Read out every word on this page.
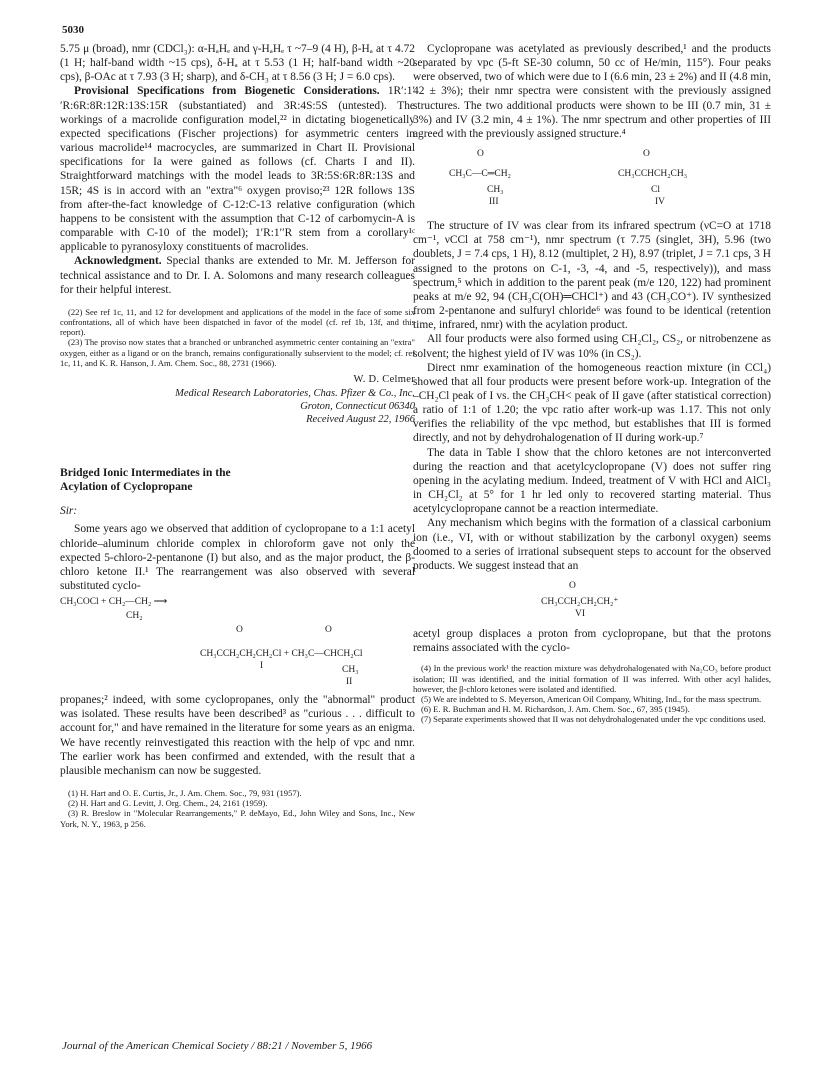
5030

5.75 μ (broad), nmr (CDCl₃): α-HₐHₑ and γ-HₐHₑ τ ~7–9 (4 H), β-Hₐ at τ 4.72 (1 H; half-band width ~15 cps), δ-Hₐ at τ 5.53 (1 H; half-band width ~20 cps), β-OAc at τ 7.93 (3 H; sharp), and δ-CH₃ at τ 8.56 (3 H; J = 6.0 cps).

Provisional Specifications from Biogenetic Considerations. 1R′:1′′R:6R:8R:12R:13S:15R (substantiated) and 3R:4S:5S (untested). The workings of a macrolide configuration model,²² in dictating biogenetically expected specifications (Fischer projections) for asymmetric centers in various macrolide¹⁴ macrocycles, are summarized in Chart II. Provisional specifications for Ia were gained as follows (cf. Charts I and II). Straightforward matchings with the model leads to 3R:5S:6R:8R:13S and 15R; 4S is in accord with an "extra"⁶ oxygen proviso;²³ 12R follows 13S from after-the-fact knowledge of C-12:C-13 relative configuration (which happens to be consistent with the assumption that C-12 of carbomycin-A is comparable with C-10 of the model); 1′R:1′′R stem from a corollary¹ᶜ applicable to pyranosyloxy constituents of macrolides.

Acknowledgment. Special thanks are extended to Mr. M. Jefferson for technical assistance and to Dr. I. A. Solomons and many research colleagues for their helpful interest.

(22) See ref 1c, 11, and 12 for development and applications of the model in the face of some six confrontations, all of which have been dispatched in favor of the model (cf. ref 1b, 13f, and this report).

(23) The proviso now states that a branched or unbranched asymmetric center containing an "extra" oxygen, either as a ligand or on the branch, remains configurationally subservient to the model; cf. ref 1c, 11, and K. R. Hanson, J. Am. Chem. Soc., 88, 2731 (1966).

W. D. Celmer
Medical Research Laboratories, Chas. Pfizer & Co., Inc.
Groton, Connecticut 06340
Received August 22, 1966
Bridged Ionic Intermediates in the
Acylation of Cyclopropane

Sir:

Some years ago we observed that addition of cyclopropane to a 1:1 acetyl chloride–aluminum chloride complex in chloroform gave not only the expected 5-chloro-2-pentanone (I) but also, and as the major product, the β-chloro ketone II.¹ The rearrangement was also observed with several substituted cyclo-

CH₃COCl + CH₂—CH₂ ⟶
CH₂
O	O
CH₃CCH₂CH₂CH₂Cl + CH₃C—CHCH₂Cl
I	CH₃
II

propanes;² indeed, with some cyclopropanes, only the "abnormal" product was isolated. These results have been described³ as "curious . . . difficult to account for," and have remained in the literature for some years as an enigma. We have recently reinvestigated this reaction with the help of vpc and nmr. The earlier work has been confirmed and extended, with the result that a plausible mechanism can now be suggested.

(1) H. Hart and O. E. Curtis, Jr., J. Am. Chem. Soc., 79, 931 (1957).

(2) H. Hart and G. Levitt, J. Org. Chem., 24, 2161 (1959).

(3) R. Breslow in "Molecular Rearrangements," P. deMayo, Ed., John Wiley and Sons, Inc., New York, N. Y., 1963, p 256.

Cyclopropane was acetylated as previously described,¹ and the products separated by vpc (5-ft SE-30 column, 50 cc of He/min, 115°). Four peaks were observed, two of which were due to I (6.6 min, 23 ± 2%) and II (4.8 min, 42 ± 3%); their nmr spectra were consistent with the previously assigned structures. The two additional products were shown to be III (0.7 min, 31 ± 3%) and IV (3.2 min, 4 ± 1%). The nmr spectrum and other properties of III agreed with the previously assigned structure.⁴

O
CH₃C—C═CH₂
CH₃
III
O
CH₃CCHCH₂CH₃
Cl
IV

The structure of IV was clear from its infrared spectrum (νC=O at 1718 cm⁻¹, νCCl at 758 cm⁻¹), nmr spectrum (τ 7.75 (singlet, 3H), 5.96 (two doublets, J = 7.4 cps, 1 H), 8.12 (multiplet, 2 H), 8.97 (triplet, J = 7.1 cps, 3 H assigned to the protons on C-1, -3, -4, and -5, respectively)), and mass spectrum,⁵ which in addition to the parent peak (m/e 120, 122) had prominent peaks at m/e 92, 94 (CH₃C(OH)═CHCl⁺) and 43 (CH₃CO⁺). IV synthesized from 2-pentanone and sulfuryl chloride⁶ was found to be identical (retention time, infrared, nmr) with the acylation product.

All four products were also formed using CH₂Cl₂, CS₂, or nitrobenzene as solvent; the highest yield of IV was 10% (in CS₂).

Direct nmr examination of the homogeneous reaction mixture (in CCl₄) showed that all four products were present before work-up. Integration of the –CH₂Cl peak of I vs. the CH₃CH< peak of II gave (after statistical correction) a ratio of 1:1 of 1.20; the vpc ratio after work-up was 1.17. This not only verifies the reliability of the vpc method, but establishes that III is formed directly, and not by dehydrohalogenation of II during work-up.⁷

The data in Table I show that the chloro ketones are not interconverted during the reaction and that acetylcyclopropane (V) does not suffer ring opening in the acylating medium. Indeed, treatment of V with HCl and AlCl₃ in CH₂Cl₂ at 5° for 1 hr led only to recovered starting material. Thus acetylcyclopropane cannot be a reaction intermediate.

Any mechanism which begins with the formation of a classical carbonium ion (i.e., VI, with or without stabilization by the carbonyl oxygen) seems doomed to a series of irrational subsequent steps to account for the observed products. We suggest instead that an

O
CH₃CCH₂CH₂CH₂⁺
VI

acetyl group displaces a proton from cyclopropane, but that the protons remains associated with the cyclo-

(4) In the previous work¹ the reaction mixture was dehydrohalogenated with Na₂CO₃ before product isolation; III was identified, and the initial formation of II was inferred. With other acyl halides, however, the β-chloro ketones were isolated and identified.

(5) We are indebted to S. Meyerson, American Oil Company, Whiting, Ind., for the mass spectrum.

(6) E. R. Buchman and H. M. Richardson, J. Am. Chem. Soc., 67, 395 (1945).

(7) Separate experiments showed that II was not dehydrohalogenated under the vpc conditions used.

Journal of the American Chemical Society / 88:21 / November 5, 1966
